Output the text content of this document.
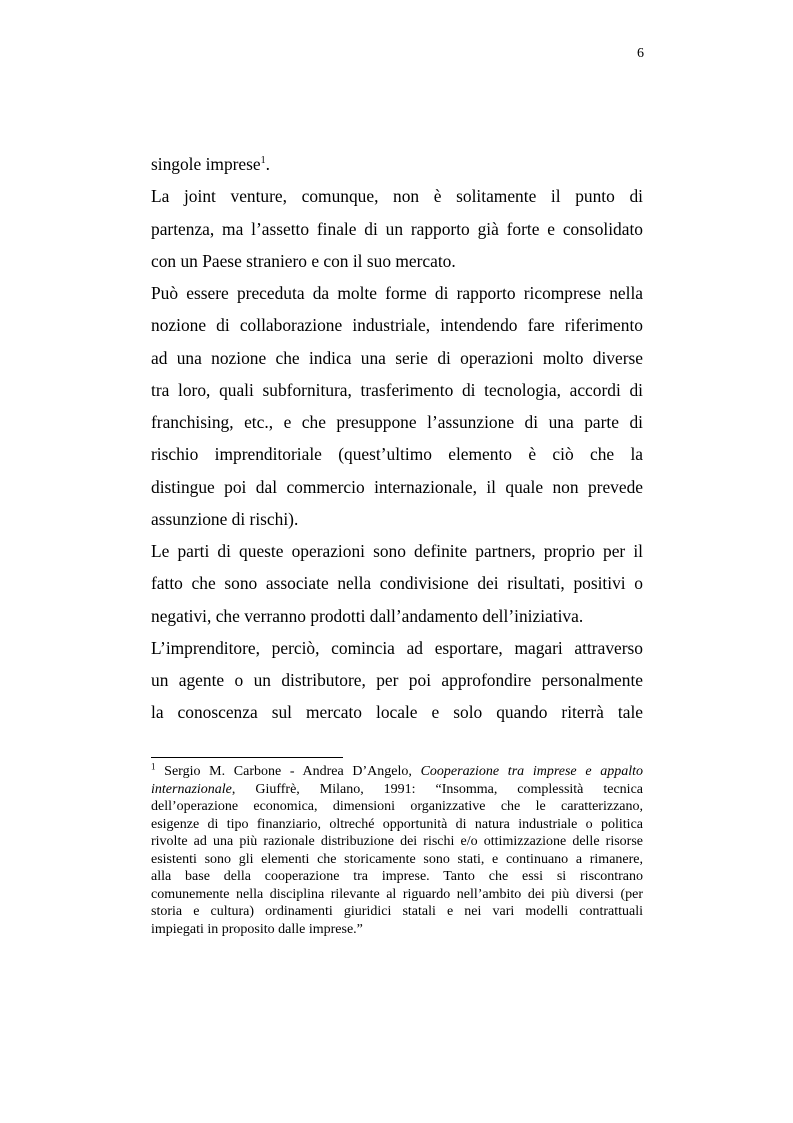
6
singole imprese$^1$.
La joint venture, comunque, non è solitamente il punto di
partenza, ma l’assetto finale di un rapporto già forte e consolidato
con un Paese straniero e con il suo mercato.
Può essere preceduta da molte forme di rapporto ricomprese nella
nozione di collaborazione industriale, intendendo fare riferimento
ad una nozione che indica una serie di operazioni molto diverse
tra loro, quali subfornitura, trasferimento di tecnologia, accordi di
franchising, etc., e che presuppone l’assunzione di una parte di
rischio imprenditoriale (quest’ultimo elemento è ciò che la
distingue poi dal commercio internazionale, il quale non prevede
assunzione di rischi).
Le parti di queste operazioni sono definite partners, proprio per il
fatto che sono associate nella condivisione dei risultati, positivi o
negativi, che verranno prodotti dall’andamento dell’iniziativa.
L’imprenditore, perciò, comincia ad esportare, magari attraverso
un agente o un distributore, per poi approfondire personalmente
la conoscenza sul mercato locale e solo quando riterrà tale
$^1$ Sergio M. Carbone - Andrea D’Angelo, Cooperazione tra imprese e appalto
internazionale, Giuffrè, Milano, 1991: “Insomma, complessità tecnica
dell’operazione economica, dimensioni organizzative che le caratterizzano,
esigenze di tipo finanziario, oltreché opportunità di natura industriale o politica
rivolte ad una più razionale distribuzione dei rischi e/o ottimizzazione delle risorse
esistenti sono gli elementi che storicamente sono stati, e continuano a rimanere,
alla base della cooperazione tra imprese. Tanto che essi si riscontrano
comunemente nella disciplina rilevante al riguardo nell’ambito dei più diversi (per
storia e cultura) ordinamenti giuridici statali e nei vari modelli contrattuali
impiegati in proposito dalle imprese.”
